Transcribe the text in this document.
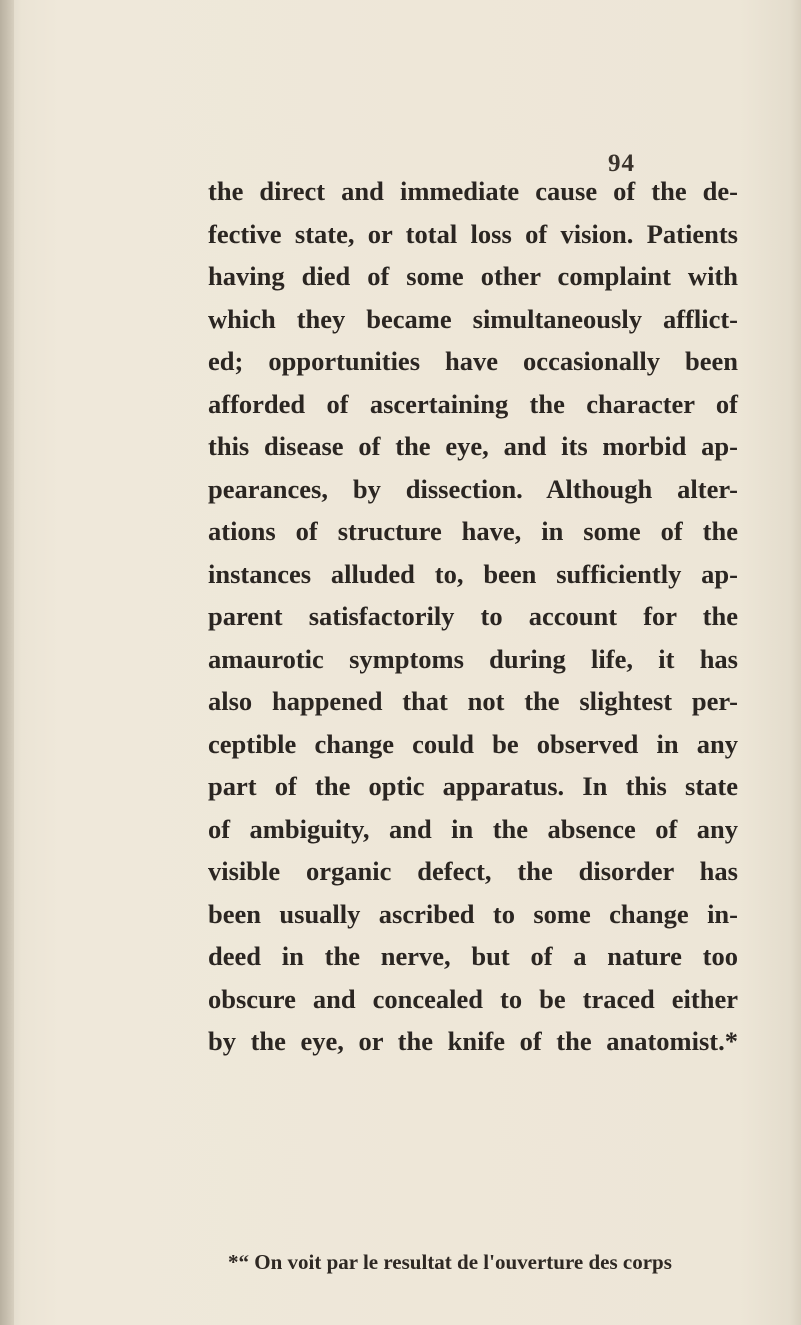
94
the direct and immediate cause of the de-
fective state, or total loss of vision. Patients
having died of some other complaint with
which they became simultaneously afflict-
ed; opportunities have occasionally been
afforded of ascertaining the character of
this disease of the eye, and its morbid ap-
pearances, by dissection. Although alter-
ations of structure have, in some of the
instances alluded to, been sufficiently ap-
parent satisfactorily to account for the
amaurotic symptoms during life, it has
also happened that not the slightest per-
ceptible change could be observed in any
part of the optic apparatus. In this state
of ambiguity, and in the absence of any
visible organic defect, the disorder has
been usually ascribed to some change in-
deed in the nerve, but of a nature too
obscure and concealed to be traced either
by the eye, or the knife of the anatomist.*
*“ On voit par le resultat de l'ouverture des corps
